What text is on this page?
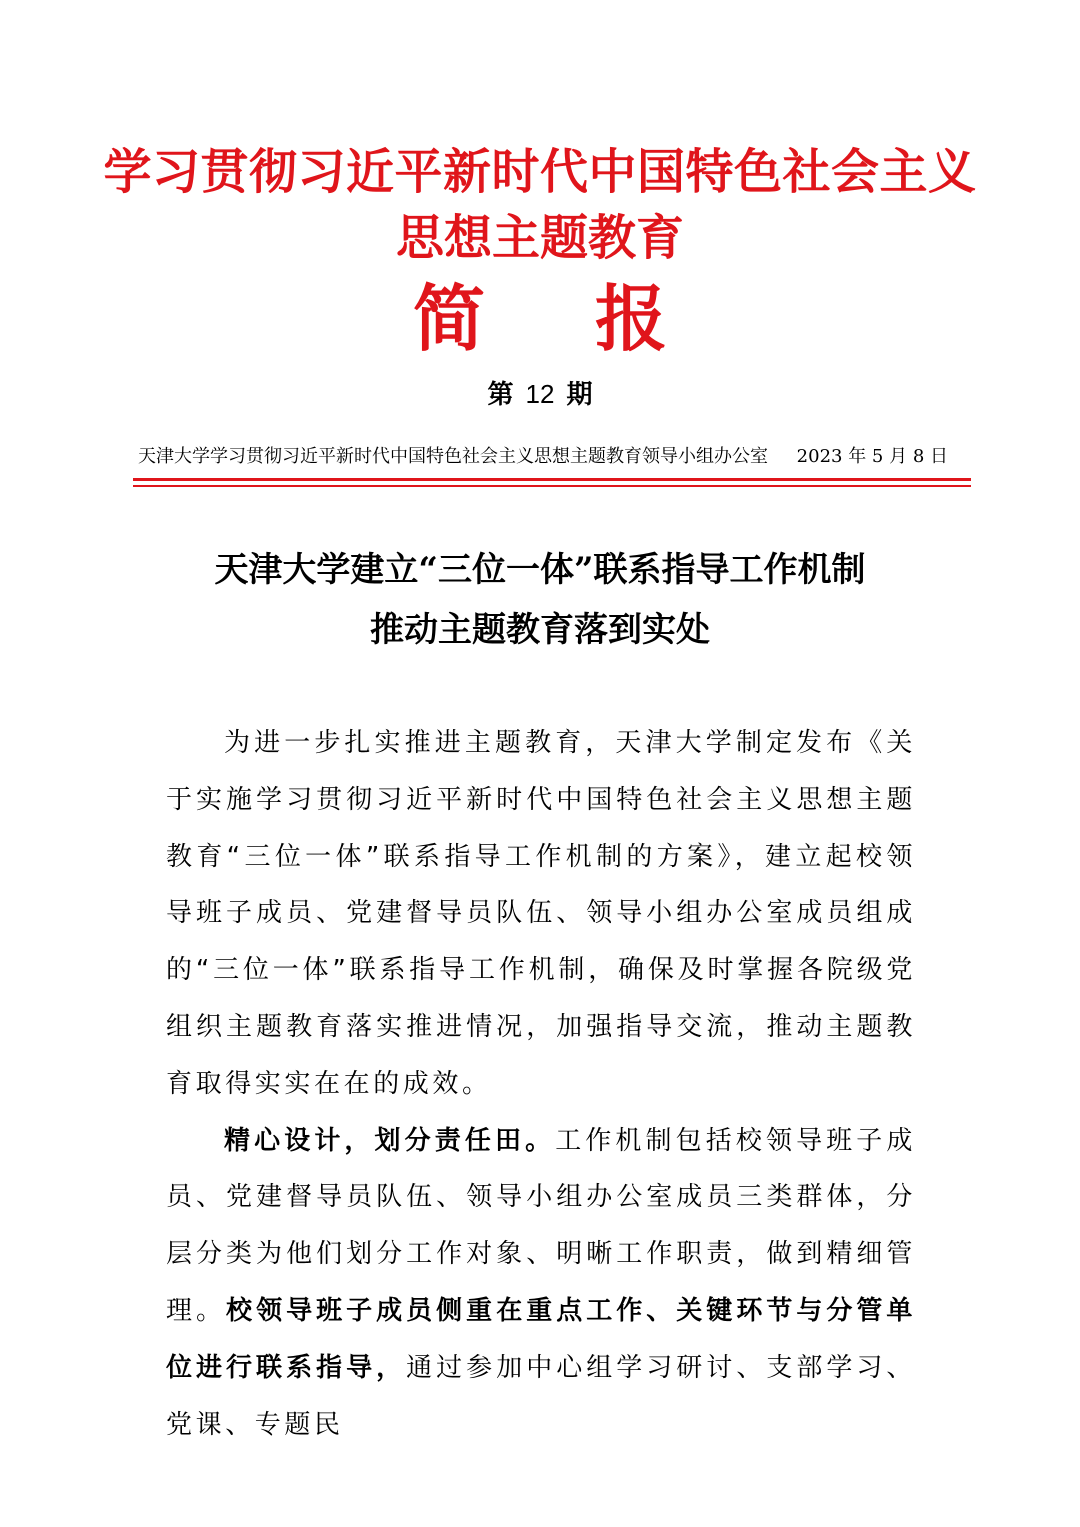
学习贯彻习近平新时代中国特色社会主义
思想主题教育
简报
第 12 期
天津大学学习贯彻习近平新时代中国特色社会主义思想主题教育领导小组办公室 2023 年 5 月 8 日
天津大学建立“三位一体”联系指导工作机制
推动主题教育落到实处

为进一步扎实推进主题教育，天津大学制定发布《关于实施学习贯彻习近平新时代中国特色社会主义思想主题教育“三位一体”联系指导工作机制的方案》，建立起校领导班子成员、党建督导员队伍、领导小组办公室成员组成的“三位一体”联系指导工作机制，确保及时掌握各院级党组织主题教育落实推进情况，加强指导交流，推动主题教育取得实实在在的成效。

精心设计，划分责任田。工作机制包括校领导班子成员、党建督导员队伍、领导小组办公室成员三类群体，分层分类为他们划分工作对象、明晰工作职责，做到精细管理。校领导班子成员侧重在重点工作、关键环节与分管单位进行联系指导，通过参加中心组学习研讨、支部学习、党课、专题民
